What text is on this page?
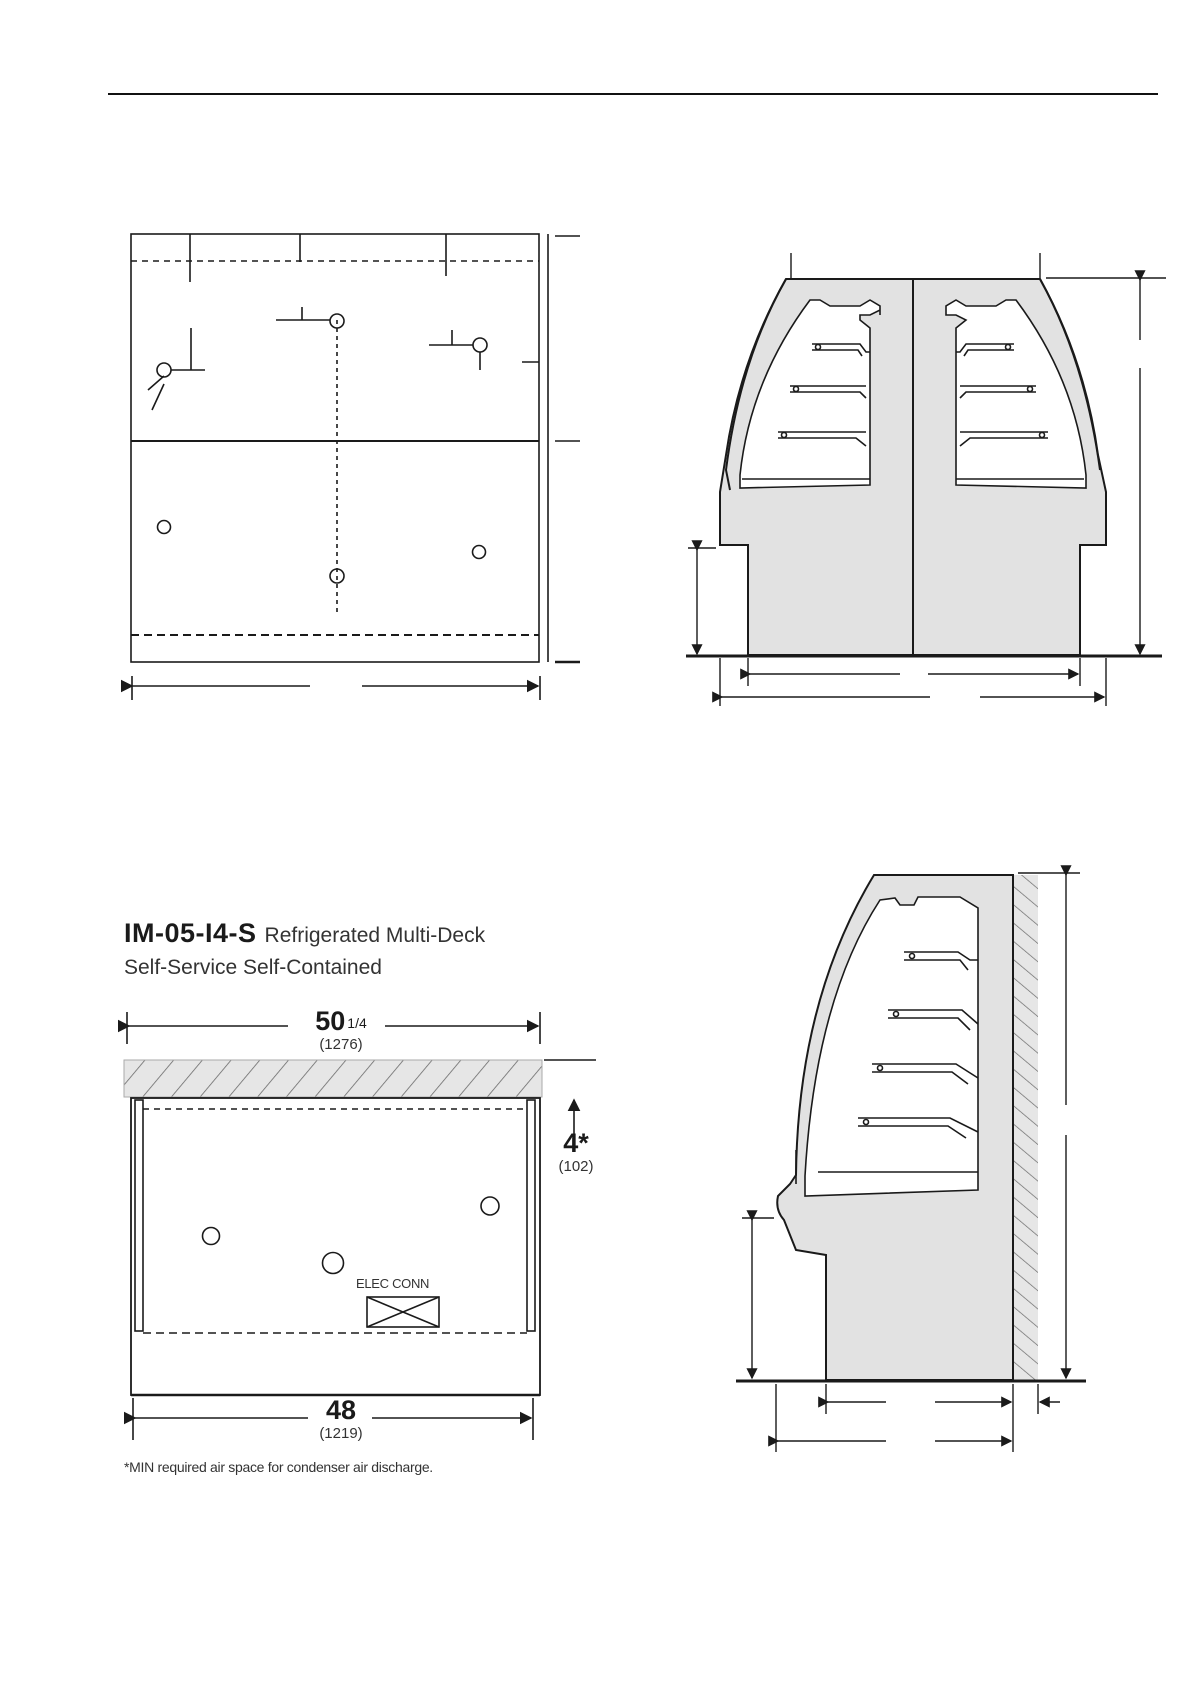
IM-05-I4-S Refrigerated Multi-Deck
Self-Service Self-Contained
50 1/4
(1276)
4*
(102)
ELEC CONN
48
(1219)
*MIN required air space for condenser air discharge.
